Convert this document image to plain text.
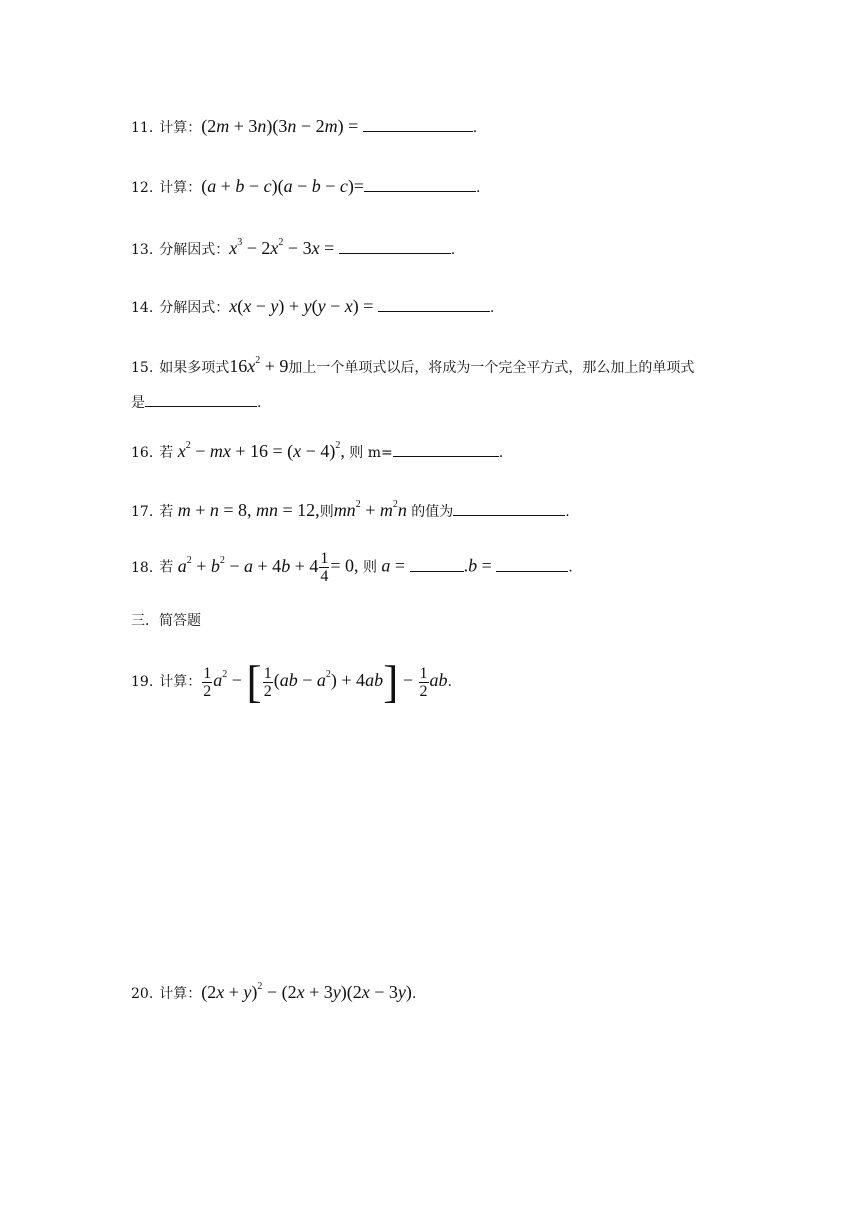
11. 计算：(2m + 3n)(3n − 2m) =	.
12. 计算：(a + b − c)(a − b − c)=	.
13. 分解因式：$x^3 - 2x^2 - 3x$ =	.
14. 分解因式：x(x − y) + y(y − x) =	.
15. 如果多项式$16x^2 + 9$加上一个单项式以后，将成为一个完全平方式，那么加上的单项式
是	.
16. 若 $x^2$ − mx + $16 = (x - 4)^2$, 则 m=	.
17. 若 m + n = 8, mn = 12,则$mn^2 + m^2n$ 的值为	.
18. 若 $a^2 + b^2 - a + 4b + 4 \frac{1}{4} = 0$, 则 a =	.b =	.
三．简答题
19. 计算： $\frac{1}{2} a^2$ − [ $\frac{1}{2} (ab - a^2) + 4ab] - \frac{1}{2}$ ab.
20. 计算：$(2x + y)^2 - (2x + 3y)(2x - 3y)$.
